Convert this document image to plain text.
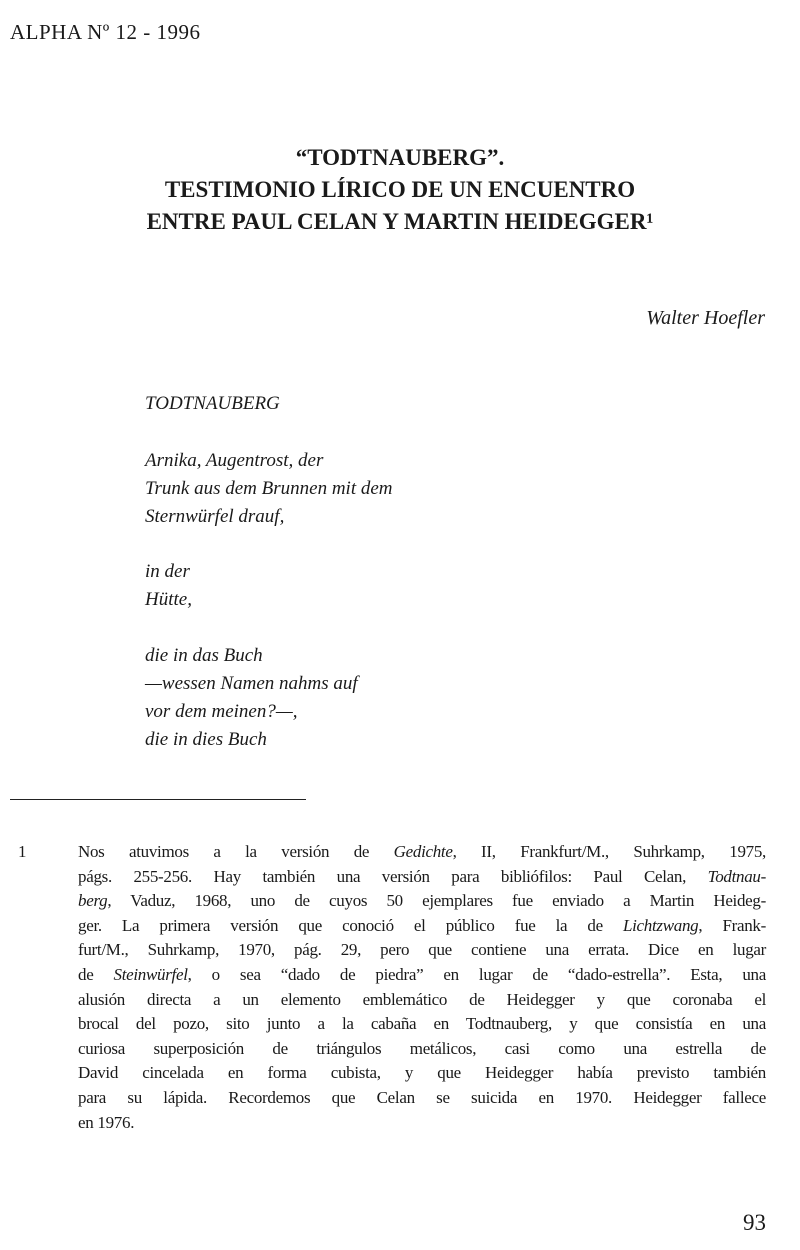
ALPHA Nº 12 - 1996
“TODTNAUBERG”.
TESTIMONIO LÍRICO DE UN ENCUENTRO
ENTRE PAUL CELAN Y MARTIN HEIDEGGER¹
Walter Hoefler
TODTNAUBERG
Arnika, Augentrost, der
Trunk aus dem Brunnen mit dem
Sternwürfel drauf,
in der
Hütte,
die in das Buch
—wessen Namen nahms auf
vor dem meinen?—,
die in dies Buch
1	Nos atuvimos a la versión de Gedichte, II, Frankfurt/M., Suhrkamp, 1975,
págs. 255-256. Hay también una versión para bibliófilos: Paul Celan, Todtnau-
berg, Vaduz, 1968, uno de cuyos 50 ejemplares fue enviado a Martin Heideg-
ger. La primera versión que conoció el público fue la de Lichtzwang, Frank-
furt/M., Suhrkamp, 1970, pág. 29, pero que contiene una errata. Dice en lugar
de Steinwürfel, o sea “dado de piedra” en lugar de “dado-estrella”. Esta, una
alusión directa a un elemento emblemático de Heidegger y que coronaba el
brocal del pozo, sito junto a la cabaña en Todtnauberg, y que consistía en una
curiosa superposición de triángulos metálicos, casi como una estrella de
David cincelada en forma cubista, y que Heidegger había previsto también
para su lápida. Recordemos que Celan se suicida en 1970. Heidegger fallece
en 1976.
93
